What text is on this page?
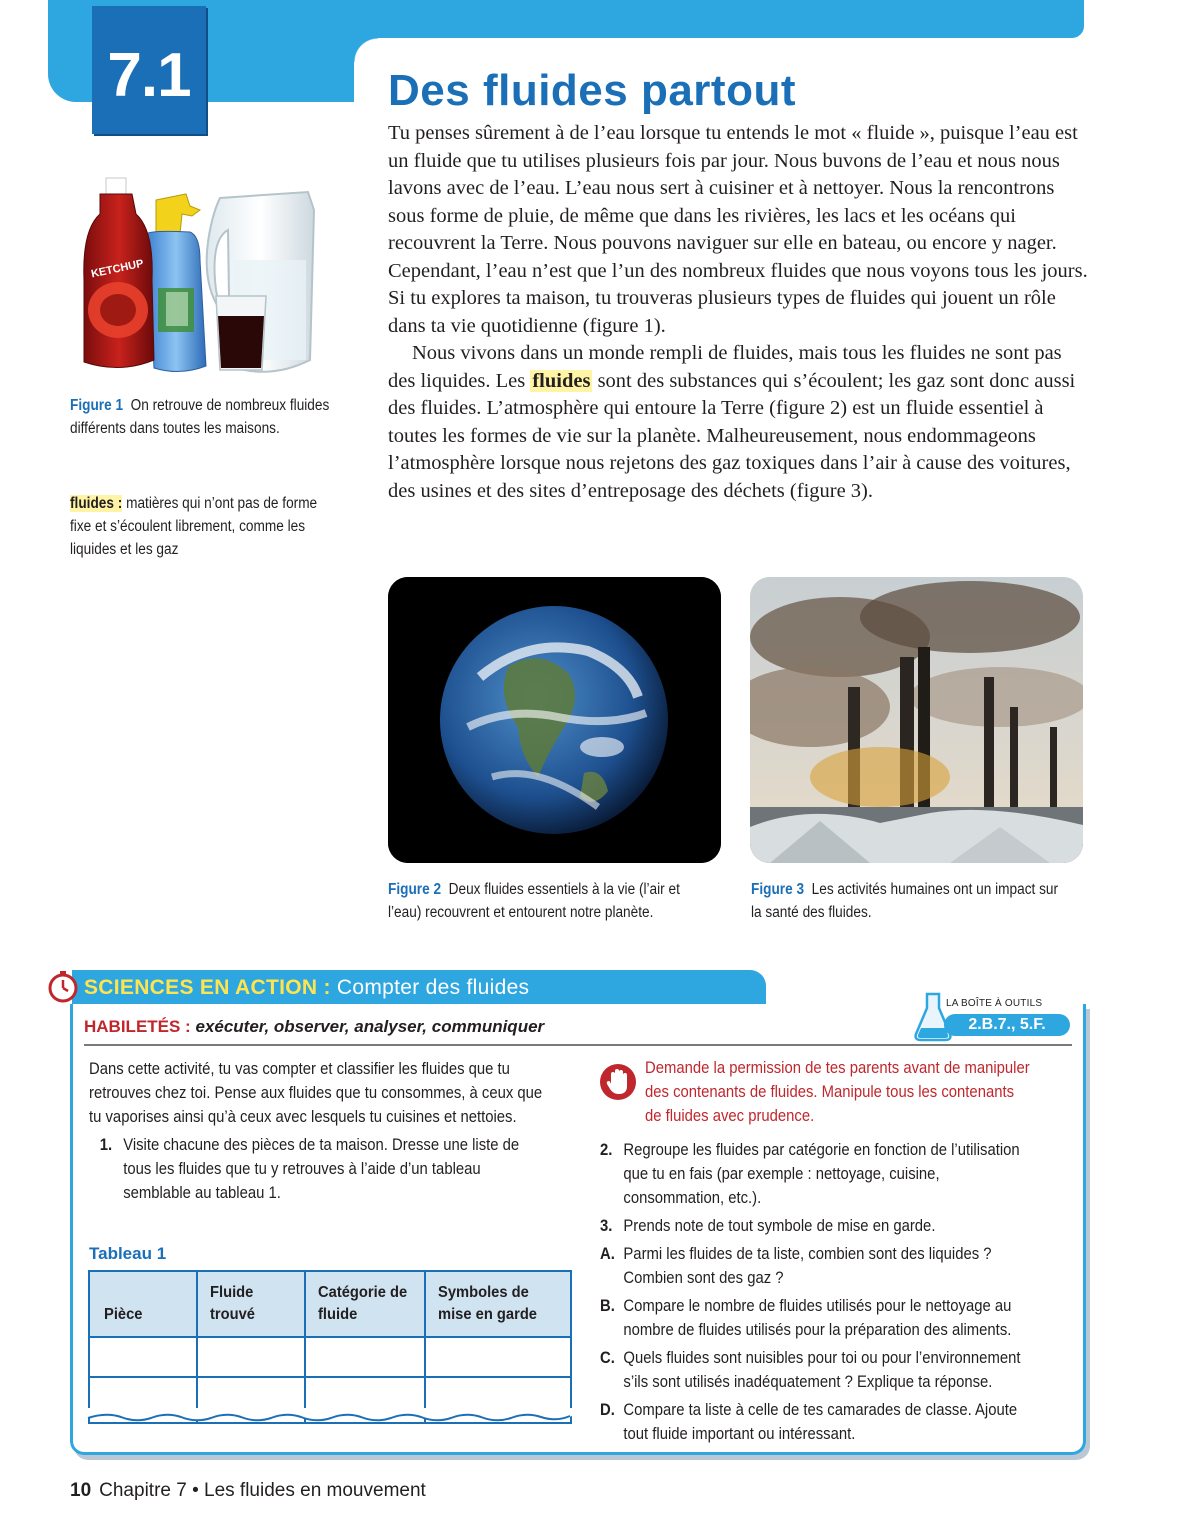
7.1	Des fluides partout

Tu penses sûrement à de l’eau lorsque tu entends le mot « fluide », puisque l’eau est un fluide que tu utilises plusieurs fois par jour. Nous buvons de l’eau et nous nous lavons avec de l’eau. L’eau nous sert à cuisiner et à nettoyer. Nous la rencontrons sous forme de pluie, de même que dans les rivières, les lacs et les océans qui recouvrent la Terre. Nous pouvons naviguer sur elle en bateau, ou encore y nager. Cependant, l’eau n’est que l’un des nombreux fluides que nous voyons tous les jours. Si tu explores ta maison, tu trouveras plusieurs types de fluides qui jouent un rôle dans ta vie quotidienne (figure 1).

Nous vivons dans un monde rempli de fluides, mais tous les fluides ne sont pas des liquides. Les fluides sont des substances qui s’écoulent; les gaz sont donc aussi des fluides. L’atmosphère qui entoure la Terre (figure 2) est un fluide essentiel à toutes les formes de vie sur la planète. Malheureusement, nous endommageons l’atmosphère lorsque nous rejetons des gaz toxiques dans l’air à cause des voitures, des usines et des sites d’entreposage des déchets (figure 3).

KETCHUP
Figure 1 On retrouve de nombreux fluides différents dans toutes les maisons.
fluides : matières qui n’ont pas de forme fixe et s’écoulent librement, comme les liquides et les gaz
Figure 2 Deux fluides essentiels à la vie (l’air et l’eau) recouvrent et entourent notre planète.
Figure 3 Les activités humaines ont un impact sur la santé des fluides.
SCIENCES EN ACTION : Compter des fluides
HABILETÉS : exécuter, observer, analyser, communiquer
LA BOÎTE À OUTILS
2.B.7., 5.F.

Dans cette activité, tu vas compter et classifier les fluides que tu retrouves chez toi. Pense aux fluides que tu consommes, à ceux que tu vaporises ainsi qu’à ceux avec lesquels tu cuisines et nettoies.

1. Visite chacune des pièces de ta maison. Dresse une liste de tous les fluides que tu y retrouves à l’aide d’un tableau semblable au tableau 1.
Tableau 1
Pièce
Fluide trouvé
Catégorie de fluide
Symboles de mise en garde
Demande la permission de tes parents avant de manipuler des contenants de fluides. Manipule tous les contenants de fluides avec prudence.
2. Regroupe les fluides par catégorie en fonction de l’utilisation que tu en fais (par exemple : nettoyage, cuisine, consommation, etc.).
3. Prends note de tout symbole de mise en garde.
A. Parmi les fluides de ta liste, combien sont des liquides ? Combien sont des gaz ?
B. Compare le nombre de fluides utilisés pour le nettoyage au nombre de fluides utilisés pour la préparation des aliments.
C. Quels fluides sont nuisibles pour toi ou pour l’environnement s’ils sont utilisés inadéquatement ? Explique ta réponse.
D. Compare ta liste à celle de tes camarades de classe. Ajoute tout fluide important ou intéressant.
10 Chapitre 7 • Les fluides en mouvement
